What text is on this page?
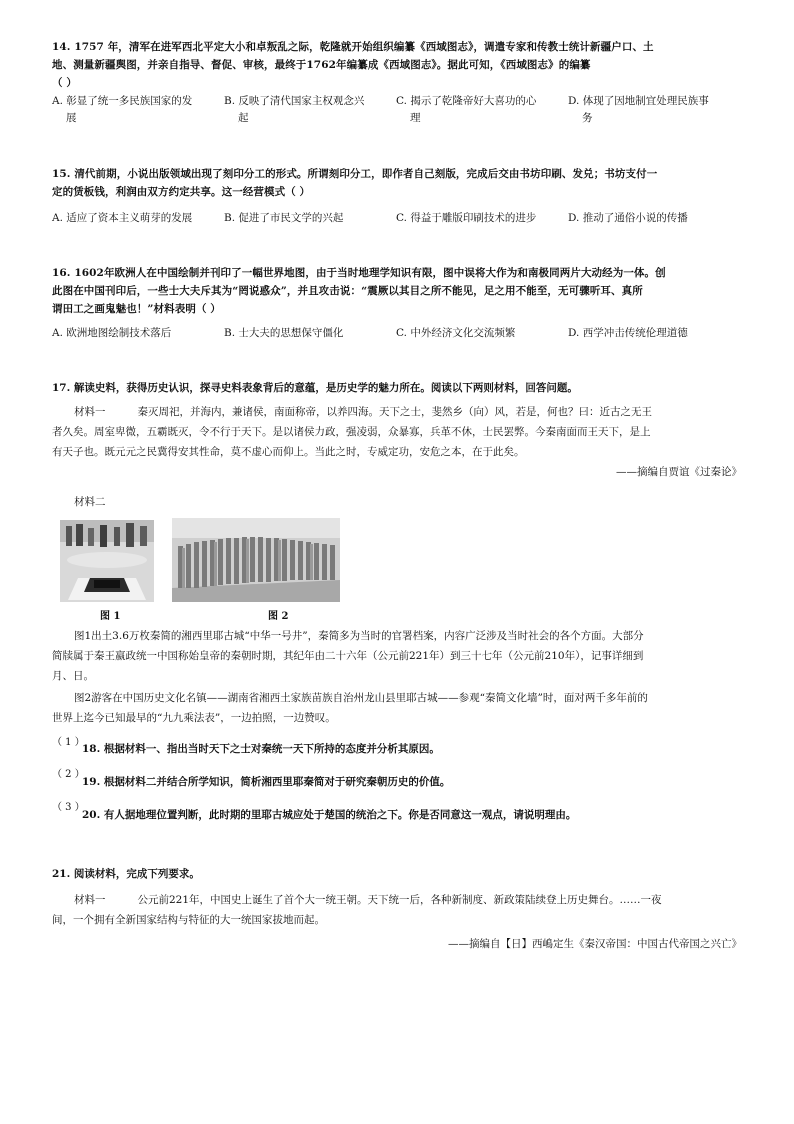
14. 1757 年，清军在进军西北平定大小和卓叛乱之际，乾隆就开始组织编纂《西域图志》，调遣专家和传教士统计新疆户口、土
地、测量新疆舆图，并亲自指导、督促、审核，最终于1762年编纂成《西域图志》。据此可知，《西域图志》的编纂
（ ）
A. 彰显了统一多民族国家的发
展
B. 反映了清代国家主权观念兴
起
C. 揭示了乾隆帝好大喜功的心
理
D. 体现了因地制宜处理民族事
务
15. 清代前期，小说出版领域出现了刻印分工的形式。所谓刻印分工，即作者自己刻版，完成后交由书坊印刷、发兑；书坊支付一
定的赁板钱，利润由双方约定共享。这一经营模式（ ）
A. 适应了资本主义萌芽的发展	B. 促进了市民文学的兴起	C. 得益于雕版印刷技术的进步	D. 推动了通俗小说的传播
16. 1602年欧洲人在中国绘制并刊印了一幅世界地图，由于当时地理学知识有限，图中误将大作为和南极同两片大动经为一体。创
此图在中国刊印后，一些士大夫斥其为“罔说惑众”，并且攻击说：“震厥以其目之所不能见，足之用不能至，无可骤听耳、真所
谓田工之画鬼魅也！”材料表明（ ）
A. 欧洲地图绘制技术落后	B. 士大夫的思想保守僵化	C. 中外经济文化交流频繁	D. 西学冲击传统伦理道德
17. 解读史料，获得历史认识，探寻史料表象背后的意蕴，是历史学的魅力所在。阅读以下两则材料，回答问题。
材料一	秦灭周祀，并海内，兼诸侯，南面称帝，以养四海。天下之士，斐然乡（向）风，若是，何也？曰：近古之无王
者久矣。周室卑微，五霸既灭，令不行于天下。是以诸侯力政，强凌弱，众暴寡，兵革不休，士民罢弊。今秦南面而王天下，是上
有天子也。既元元之民冀得安其性命，莫不虚心而仰上。当此之时，专威定功，安危之本，在于此矣。
——摘编自贾谊《过秦论》
材料二
图 1	图 2
图1出土3.6万枚秦简的湘西里耶古城“中华一号井”，秦简多为当时的官署档案，内容广泛涉及当时社会的各个方面。大部分
简牍属于秦王嬴政统一中国称始皇帝的秦朝时期，其纪年由二十六年（公元前221年）到三十七年（公元前210年），记事详细到
月、日。
图2游客在中国历史文化名镇——湖南省湘西土家族苗族自治州龙山县里耶古城——参观“秦简文化墙”时，面对两千多年前的
世界上迄今已知最早的“九九乘法表”，一边拍照，一边赞叹。
（ 1 ）
18. 根据材料一、指出当时天下之士对秦统一天下所持的态度并分析其原因。
（ 2 ）
19. 根据材料二并结合所学知识，简析湘西里耶秦简对于研究秦朝历史的价值。
（ 3 ）
20. 有人据地理位置判断，此时期的里耶古城应处于楚国的统治之下。你是否同意这一观点，请说明理由。
21. 阅读材料，完成下列要求。
材料一	公元前221年，中国史上诞生了首个大一统王朝。天下统一后，各种新制度、新政策陆续登上历史舞台。……一夜
间，一个拥有全新国家结构与特征的大一统国家拔地而起。
——摘编自【日】西嶋定生《秦汉帝国：中国古代帝国之兴亡》
